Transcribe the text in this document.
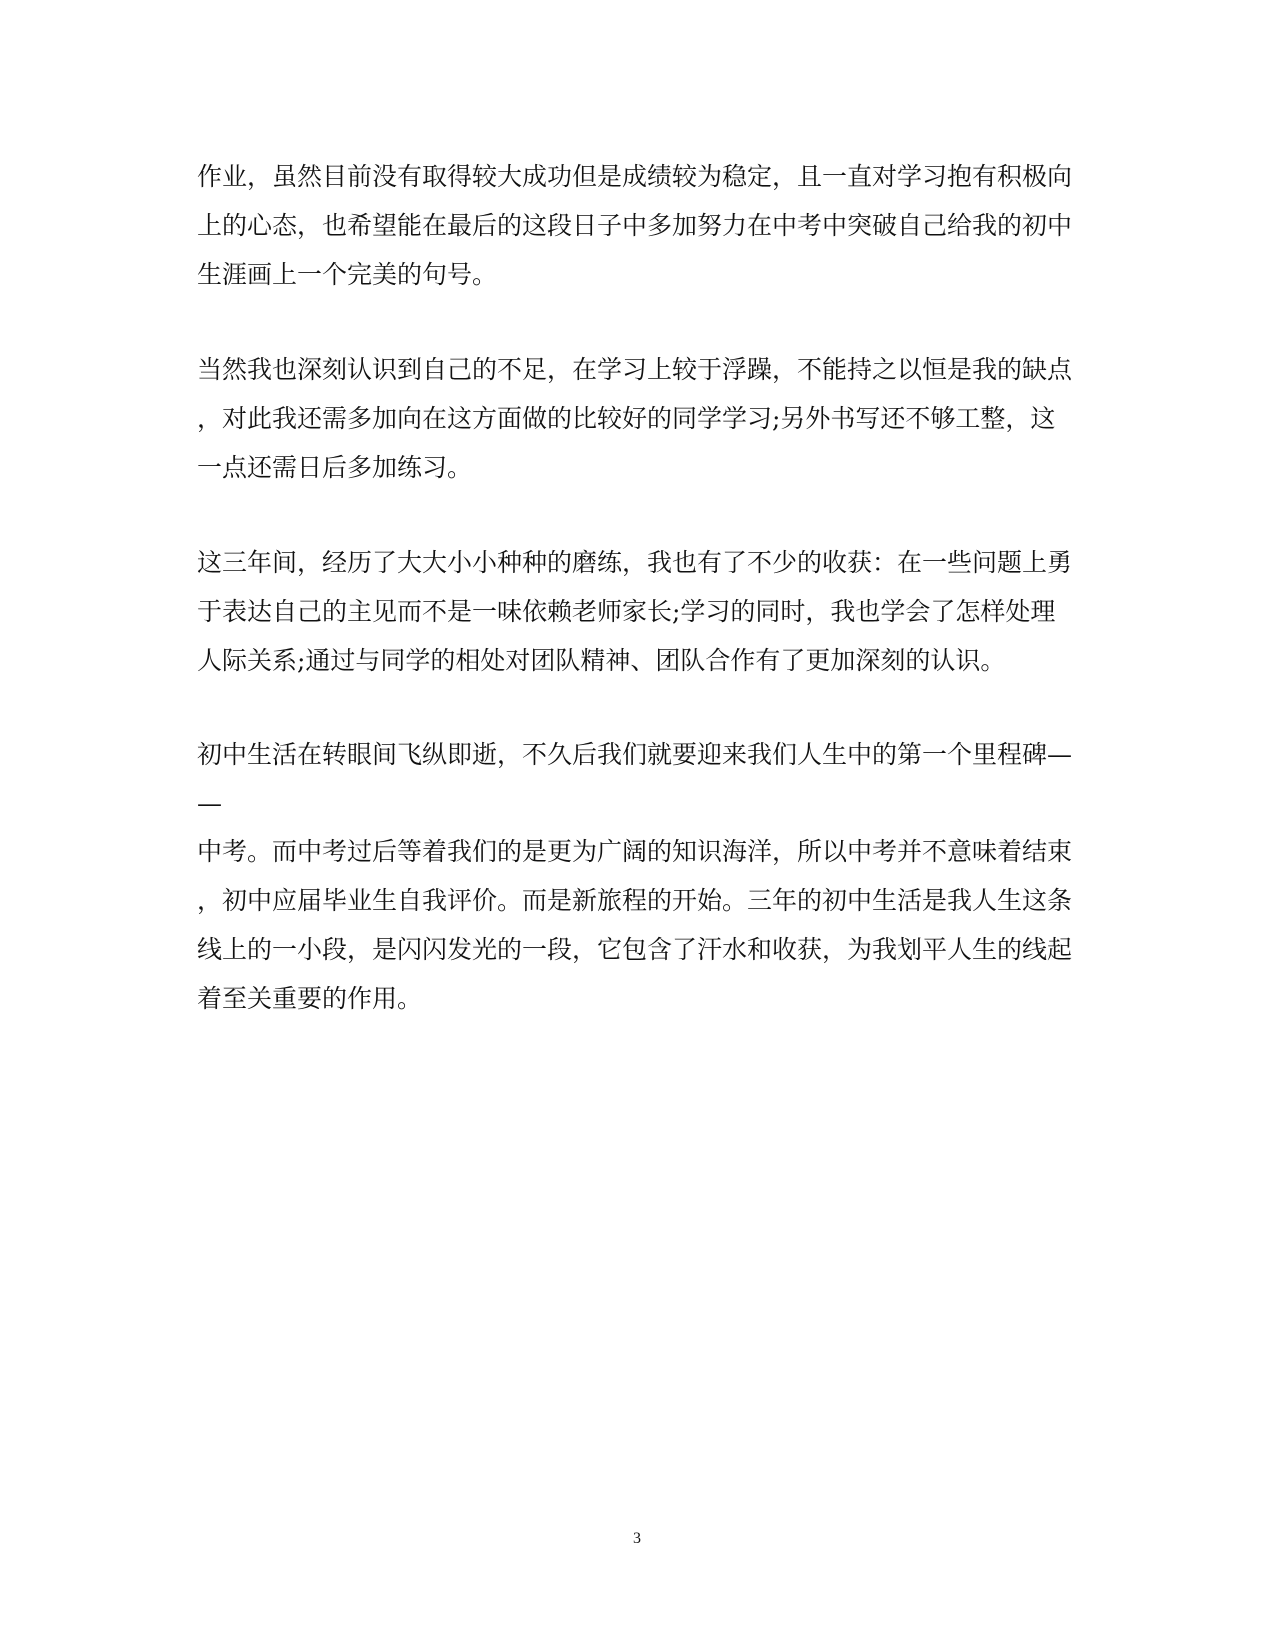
作业，虽然目前没有取得较大成功但是成绩较为稳定，且一直对学习抱有积极向
上的心态，也希望能在最后的这段日子中多加努力在中考中突破自己给我的初中
生涯画上一个完美的句号。
当然我也深刻认识到自己的不足，在学习上较于浮躁，不能持之以恒是我的缺点
，对此我还需多加向在这方面做的比较好的同学学习;另外书写还不够工整，这
一点还需日后多加练习。
这三年间，经历了大大小小种种的磨练，我也有了不少的收获：在一些问题上勇
于表达自己的主见而不是一味依赖老师家长;学习的同时，我也学会了怎样处理
人际关系;通过与同学的相处对团队精神、团队合作有了更加深刻的认识。
初中生活在转眼间飞纵即逝，不久后我们就要迎来我们人生中的第一个里程碑—
—
中考。而中考过后等着我们的是更为广阔的知识海洋，所以中考并不意味着结束
，初中应届毕业生自我评价。而是新旅程的开始。三年的初中生活是我人生这条
线上的一小段，是闪闪发光的一段，它包含了汗水和收获，为我划平人生的线起
着至关重要的作用。
3
